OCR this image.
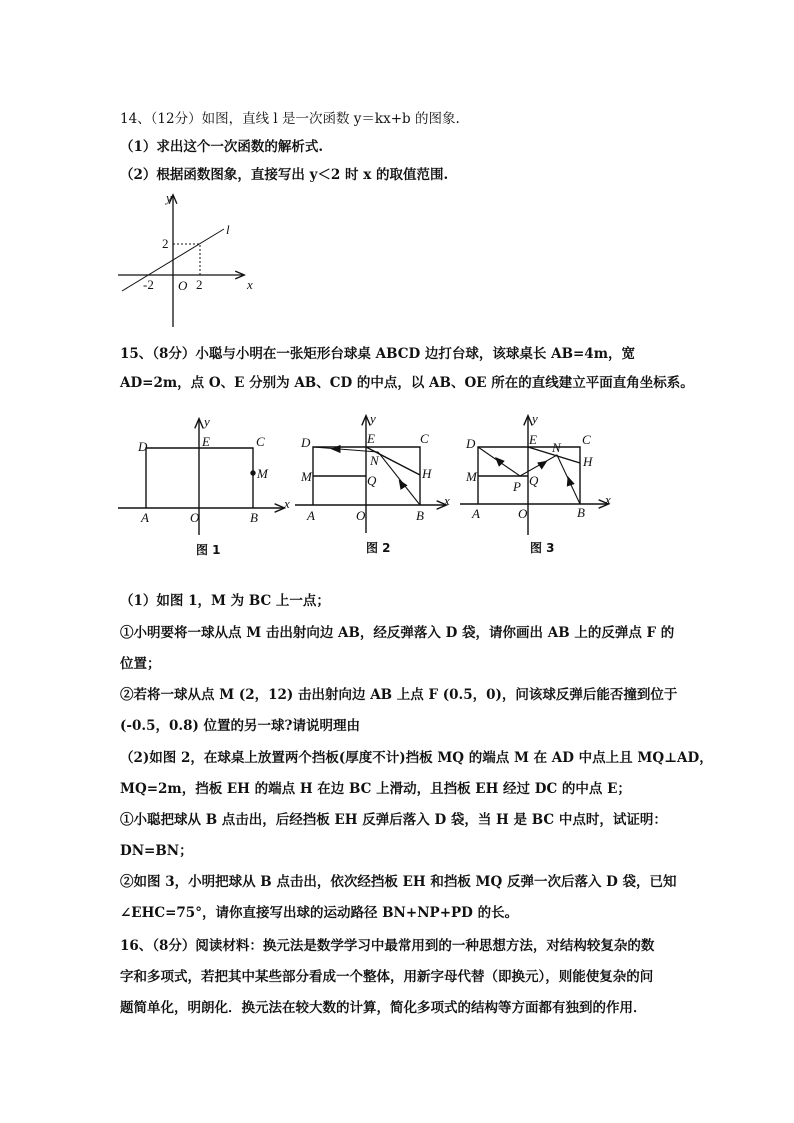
14、（12分）如图，直线 l 是一次函数 y＝kx+b 的图象.
（1）求出这个一次函数的解析式.
（2）根据函数图象，直接写出 y＜2 时 x 的取值范围.
15、（8分）小聪与小明在一张矩形台球桌 ABCD 边打台球，该球桌长 AB=4m，宽
AD=2m，点 O、E 分别为 AB、CD 的中点，以 AB、OE 所在的直线建立平面直角坐标系。
（1）如图 1，M 为 BC 上一点；
①小明要将一球从点 M 击出射向边 AB，经反弹落入 D 袋，请你画出 AB 上的反弹点 F 的
位置；
②若将一球从点 M (2，12) 击出射向边 AB 上点 F (0.5，0)，问该球反弹后能否撞到位于
(-0.5，0.8) 位置的另一球?请说明理由
（2)如图 2，在球桌上放置两个挡板(厚度不计)挡板 MQ 的端点 M 在 AD 中点上且 MQ⊥AD，
MQ=2m，挡板 EH 的端点 H 在边 BC 上滑动，且挡板 EH 经过 DC 的中点 E；
①小聪把球从 B 点击出，后经挡板 EH 反弹后落入 D 袋，当 H 是 BC 中点时，试证明：
DN=BN；
②如图 3，小明把球从 B 点击出，依次经挡板 EH 和挡板 MQ 反弹一次后落入 D 袋，已知
∠EHC=75°，请你直接写出球的运动路径 BN+NP+PD 的长。
16、（8分）阅读材料：换元法是数学学习中最常用到的一种思想方法，对结构较复杂的数
字和多项式，若把其中某些部分看成一个整体，用新字母代替（即换元），则能使复杂的问
题简单化，明朗化．换元法在较大数的计算，简化多项式的结构等方面都有独到的作用．
y
x
l
2
-2 O 2
y
D	E	C
M
x
A	O	B
图 1
y
D	E	C
N
H
M	Q
x
A	O	B
图 2
y
D	E	C
N
H
M
P Q
x
A	O	B
图 3
